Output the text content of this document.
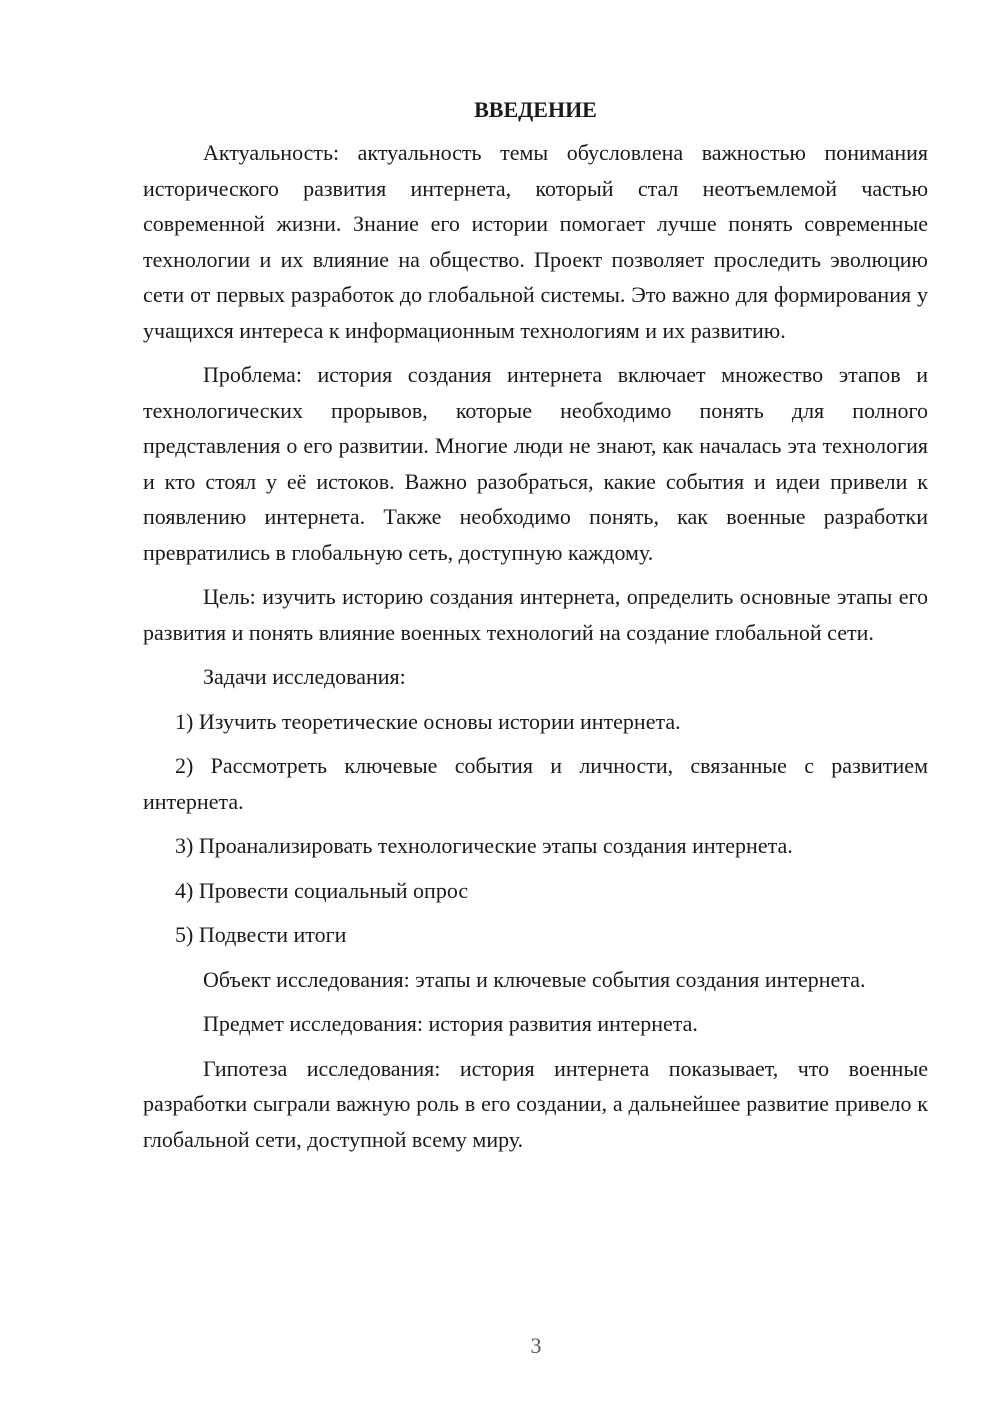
ВВЕДЕНИЕ

Актуальность: актуальность темы обусловлена важностью понимания исторического развития интернета, который стал неотъемлемой частью современной жизни. Знание его истории помогает лучше понять современные технологии и их влияние на общество. Проект позволяет проследить эволюцию сети от первых разработок до глобальной системы. Это важно для формирования у учащихся интереса к информационным технологиям и их развитию.

Проблема: история создания интернета включает множество этапов и технологических прорывов, которые необходимо понять для полного представления о его развитии. Многие люди не знают, как началась эта технология и кто стоял у её истоков. Важно разобраться, какие события и идеи привели к появлению интернета. Также необходимо понять, как военные разработки превратились в глобальную сеть, доступную каждому.

Цель: изучить историю создания интернета, определить основные этапы его развития и понять влияние военных технологий на создание глобальной сети.

Задачи исследования:

1) Изучить теоретические основы истории интернета.

2) Рассмотреть ключевые события и личности, связанные с развитием интернета.

3) Проанализировать технологические этапы создания интернета.

4) Провести социальный опрос

5) Подвести итоги

Объект исследования: этапы и ключевые события создания интернета.

Предмет исследования: история развития интернета.

Гипотеза исследования: история интернета показывает, что военные разработки сыграли важную роль в его создании, а дальнейшее развитие привело к глобальной сети, доступной всему миру.

3
